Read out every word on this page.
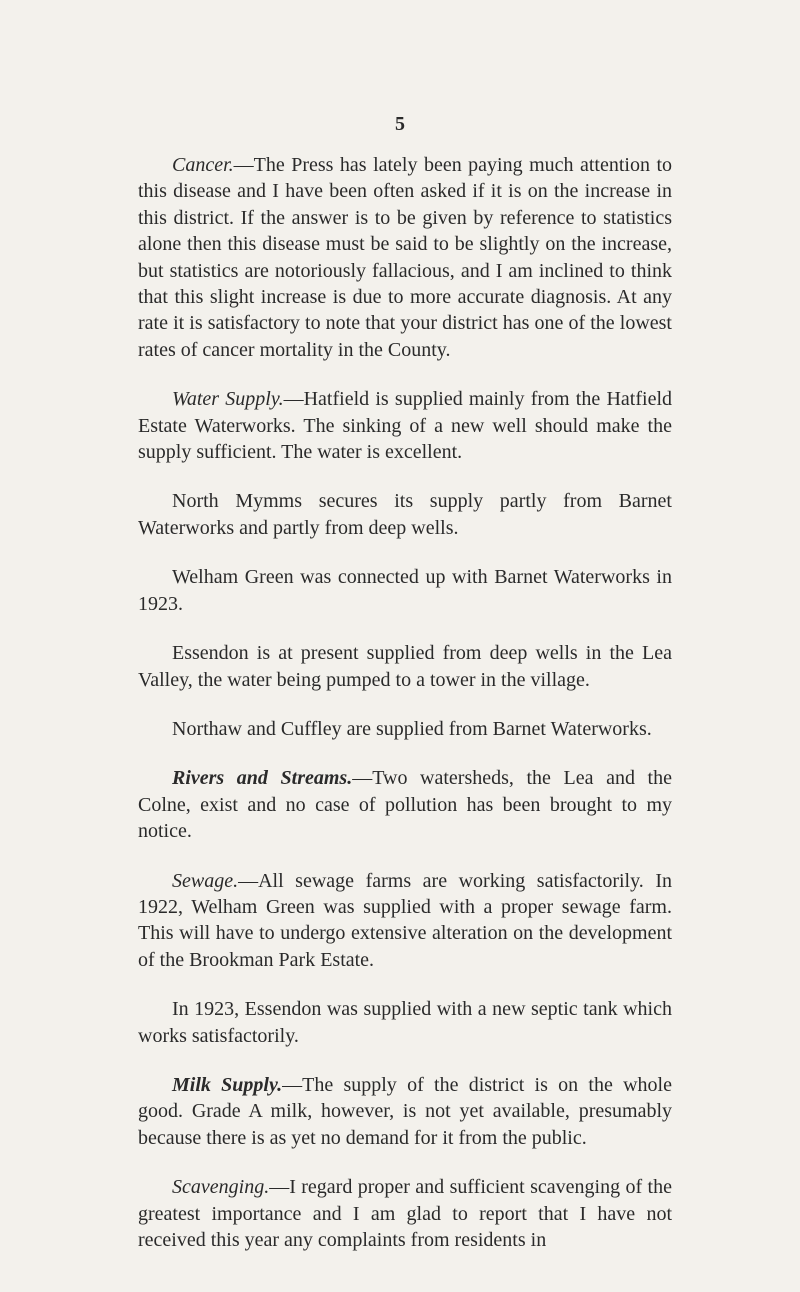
5

Cancer.—The Press has lately been paying much attention to this disease and I have been often asked if it is on the increase in this district. If the answer is to be given by reference to statistics alone then this disease must be said to be slightly on the increase, but statistics are notoriously fallacious, and I am inclined to think that this slight increase is due to more accurate diagnosis. At any rate it is satisfactory to note that your district has one of the lowest rates of cancer mortality in the County.

Water Supply.—Hatfield is supplied mainly from the Hatfield Estate Waterworks. The sinking of a new well should make the supply sufficient. The water is excellent.

North Mymms secures its supply partly from Barnet Waterworks and partly from deep wells.

Welham Green was connected up with Barnet Waterworks in 1923.

Essendon is at present supplied from deep wells in the Lea Valley, the water being pumped to a tower in the village.

Northaw and Cuffley are supplied from Barnet Waterworks.

Rivers and Streams.—Two watersheds, the Lea and the Colne, exist and no case of pollution has been brought to my notice.

Sewage.—All sewage farms are working satisfactorily. In 1922, Welham Green was supplied with a proper sewage farm. This will have to undergo extensive alteration on the development of the Brookman Park Estate.

In 1923, Essendon was supplied with a new septic tank which works satisfactorily.

Milk Supply.—The supply of the district is on the whole good. Grade A milk, however, is not yet available, presumably because there is as yet no demand for it from the public.

Scavenging.—I regard proper and sufficient scavenging of the greatest importance and I am glad to report that I have not received this year any complaints from residents in
